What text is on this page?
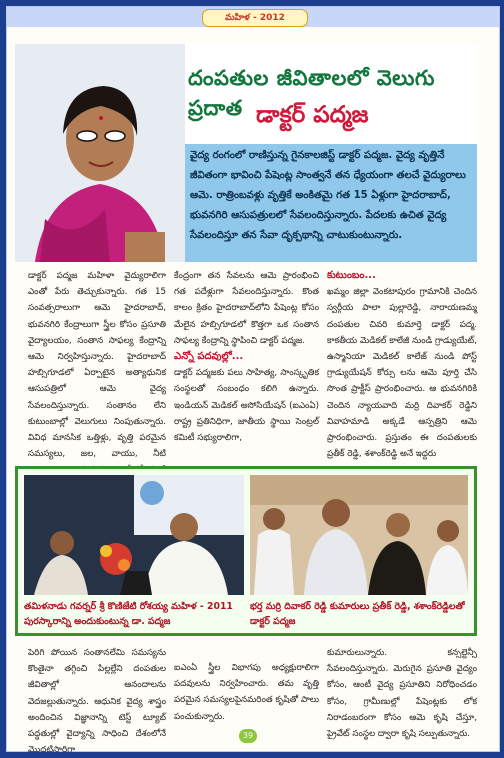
మహిళ - 2012
దంపతుల జీవితాలలో వెలుగు ప్రదాత డాక్టర్ పద్మజ
వైద్య రంగంలో రాణిస్తున్న గైనకాలజిస్ట్ డాక్టర్ పద్మజ. వైద్య వృత్తినే జీవితంగా భావించి పేషెంట్ల సాంత్వనే తన ధ్యేయంగా తలచే వైద్యురాలు ఆమె. రాత్రింబవళ్లు వృత్తికే అంకితమై గత 15 ఏళ్లుగా హైదరాబాద్, భువనగిరి ఆసుపత్రులలో సేవలందిస్తున్నారు. పేదలకు ఉచిత వైద్య సేవలందిస్తూ తన సేవా దృక్పథాన్ని చాటుకుంటున్నారు.

డాక్టర్ పద్మజ మహిళా వైద్యురాలిగా ఎంతో పేరు తెచ్చుకున్నారు. గత 15 సంవత్సరాలుగా ఆమె హైదరాబాద్, భువనగిరి కేంద్రాలుగా స్త్రీల కోసం ప్రసూతి వైద్యాలయం, సంతాన సాఫల్య కేంద్రాన్ని ఆమె నిర్వహిస్తున్నారు. హైదరాబాద్ హబ్సిగూడలో ఏర్పాటైన అత్యాధునిక ఆసుపత్రిలో ఆమె వైద్య సేవలందిస్తున్నారు. సంతానం లేని కుటుంబాల్లో వెలుగులు నింపుతున్నారు. వివిధ మానసిక ఒత్తిళ్లు, వృత్తి పరమైన సమస్యలు, జల, వాయు, నీటి

కేంద్రంగా తన సేవలను ఆమె ప్రారంభించి గత పదేళ్లుగా సేవలందిస్తున్నారు. కొంత కాలం క్రితం హైదరాబాద్‌లోని పేషెంట్ల కోసం మేలైన హబ్సిగూడలో కొత్తగా ఒక సంతాన సాఫల్య కేంద్రాన్ని స్థాపించి డాక్టర్ పద్మజ.

ఎన్నో పదవుల్లో...

డాక్టర్ పద్మజకు పలు సాహిత్య, సాంస్కృతిక సంస్థలతో సంబంధం కలిగి ఉన్నారు. ఇండియన్ మెడికల్ అసోసియేషన్ (ఐఎంఏ) రాష్ట్ర ప్రతినిధిగా, జాతీయ స్థాయి సెంట్రల్ కమిటీ సభ్యురాలిగా,

కుటుంబం...

ఖమ్మం జిల్లా వెంకటాపురం గ్రామానికి చెందిన స్వర్గీయ పాలా పుల్లారెడ్డి, నారాయణమ్మ దంపతుల చివరి కుమార్తె డాక్టర్ పద్మ. కాకతీయ మెడికల్ కాలేజీ నుండి గ్రాడ్యుయేట్, ఉస్మానియా మెడికల్ కాలేజ్ నుండి పోస్ట్ గ్రాడ్యుయేషన్ కోర్సు లను ఆమె పూర్తి చేసి సొంత ప్రాక్టీస్ ప్రారంభించారు. ఆ భువనగిరికి చెందిన న్యాయవాది మర్రి దివాకర్ రెడ్డిని వివాహమాడి అక్కడే ఆస్పత్రిని ఆమె ప్రారంభించారు. ప్రస్తుతం ఈ దంపతులకు ప్రతీక్ రెడ్డి, శశాంక్‌రెడ్డి అనే ఇద్దరు

తమిళనాడు గవర్నర్ శ్రీ కొణిజేటి రోశయ్య మహిళ - 2011 పురస్కారాన్ని అందుకుంటున్న డా. పద్మజ
భర్త మర్రి దివాకర్ రెడ్డి కుమారులు ప్రతీక్ రెడ్డి, శశాంక్‌రెడ్డిలతో డాక్టర్ పద్మజ

పెరిగి పోయిన సంతానలేమి సమస్యను కొంతైనా తగ్గించి పిల్లల్లేని దంపతుల జీవితాల్లో ఆనందాలను వెదజల్లుతున్నారు. ఆధునిక వైద్య శాస్త్రం అందించిన విజ్ఞానాన్ని టెస్ట్ ట్యూబ్ పద్ధతుల్లో వైద్యాన్ని సాధించి దేశంలోనే మొదటిసారిగా

ఐఎంఏ స్త్రీల విభాగపు అధ్యక్షురాలిగా పదవులను నిర్వహించారు. తమ వృత్తి పరమైన సమస్యలపైనమరింత కృషితో పాలు పంచుకున్నారు.

కుమారులున్నారు. కన్సల్టెన్సీ సేవలందిస్తున్నారు. మెరుగైన ప్రసూతి వైద్యం కోసం, ఆంటీ వైద్య ప్రసూతిని నిరోధించడం కోసం, గ్రామీణుల్లో పేషెంట్లకు లోక నిరాడంబరంగా కోసం ఆమె కృషి చేస్తూ, ప్రైవేట్ సంస్థల ద్వారా కృషి సల్పుతున్నారు.

39
